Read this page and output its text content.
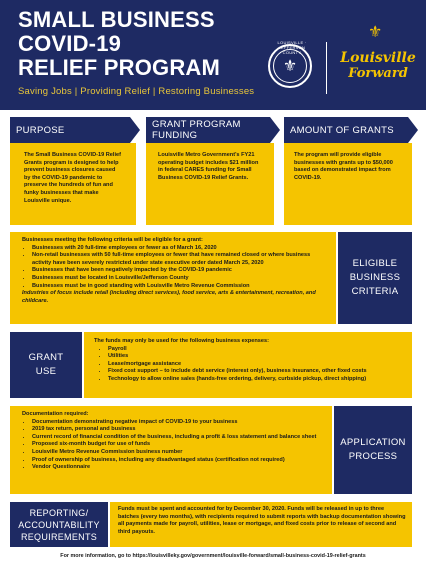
SMALL BUSINESS COVID-19
RELIEF PROGRAM
Saving Jobs | Providing Relief | Restoring Businesses
⚜
LOUISVILLE · JEFFERSON COUNTY
⚜
Louisville
Forward
PURPOSE	GRANT PROGRAM FUNDING	AMOUNT OF GRANTS
The Small Business COVID-19 Relief Grants program is designed to help prevent business closures caused by the COVID-19 pandemic to preserve the hundreds of fun and funky businesses that make Louisville unique.
Louisville Metro Government's FY21 operating budget includes $21 million in federal CARES funding for Small Business COVID-19 Relief Grants.
The program will provide eligible businesses with grants up to $50,000 based on demonstrated impact from COVID-19.
Businesses meeting the following criteria will be eligible for a grant:
• Businesses with 20 full-time employees or fewer as of March 16, 2020
• Non-retail businesses with 50 full-time employees or fewer that have remained closed or where business activity have been severely restricted under state executive order dated March 25, 2020
• Businesses that have been negatively impacted by the COVID-19 pandemic
• Businesses must be located in Louisville/Jefferson County
• Businesses must be in good standing with Louisville Metro Revenue Commission
Industries of focus include retail (including direct services), food service, arts & entertainment, recreation, and childcare.
ELIGIBLE
BUSINESS
CRITERIA
GRANT
USE
The funds may only be used for the following business expenses:
• Payroll
• Utilities
• Lease/mortgage assistance
• Fixed cost support – to include debt service (interest only), business insurance, other fixed costs
• Technology to allow online sales (hands-free ordering, delivery, curbside pickup, direct shipping)
Documentation required:
• Documentation demonstrating negative impact of COVID-19 to your business
• 2019 tax return, personal and business
• Current record of financial condition of the business, including a profit & loss statement and balance sheet
• Proposed six-month budget for use of funds
• Louisville Metro Revenue Commission business number
• Proof of ownership of business, including any disadvantaged status (certification not required)
• Vendor Questionnaire
APPLICATION
PROCESS
REPORTING/
ACCOUNTABILITY
REQUIREMENTS
Funds must be spent and accounted for by December 30, 2020. Funds will be released in up to three batches (every two months), with recipients required to submit reports with backup documentation showing all payments made for payroll, utilities, lease or mortgage, and fixed costs prior to release of second and third payouts.
For more information, go to https://louisvilleky.gov/government/louisville-forward/small-business-covid-19-relief-grants
